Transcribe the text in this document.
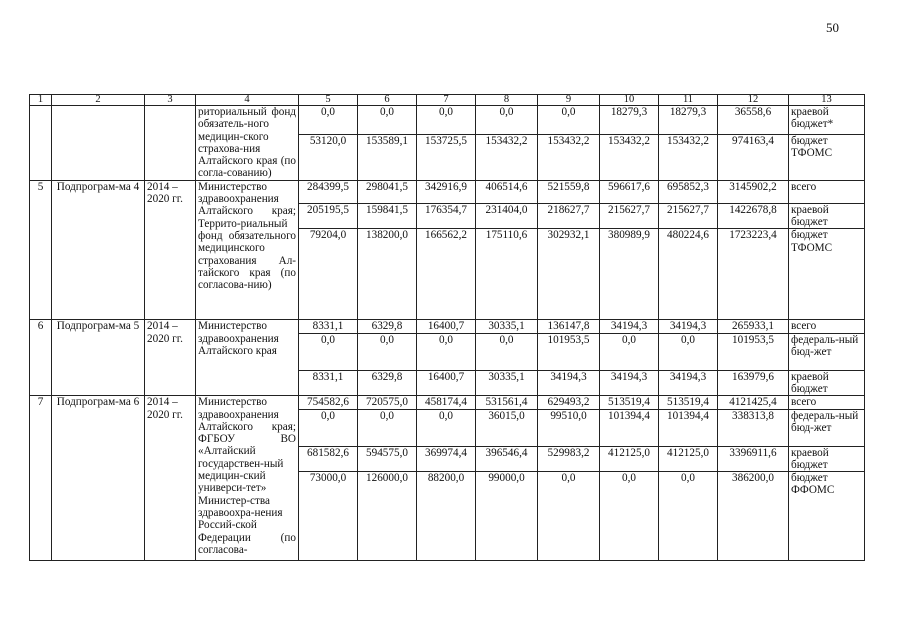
50
1	2	3	4	5	6	7	8	9	10	11	12	13
			риториальный фонд обязатель-ного медицин-ского страхова-ния Алтайского края (по согла-сованию)	0,0	0,0	0,0	0,0	0,0	18279,3	18279,3	36558,6	краевой бюджет*
				53120,0	153589,1	153725,5	153432,2	153432,2	153432,2	153432,2	974163,4	бюджет ТФОМС
5	Подпрограм-ма 4	2014 – 2020 гг.	Министерство здравоохранения Алтайского края; Террито-риальный фонд обязательного медицинского страхования Ал-тайского края (по согласова-нию)	284399,5	298041,5	342916,9	406514,6	521559,8	596617,6	695852,3	3145902,2	всего
				205195,5	159841,5	176354,7	231404,0	218627,7	215627,7	215627,7	1422678,8	краевой бюджет
				79204,0	138200,0	166562,2	175110,6	302932,1	380989,9	480224,6	1723223,4	бюджет ТФОМС
6	Подпрограм-ма 5	2014 – 2020 гг.	Министерство здравоохранения Алтайского края	8331,1	6329,8	16400,7	30335,1	136147,8	34194,3	34194,3	265933,1	всего
				0,0	0,0	0,0	0,0	101953,5	0,0	0,0	101953,5	федераль-ный бюд-жет
				8331,1	6329,8	16400,7	30335,1	34194,3	34194,3	34194,3	163979,6	краевой бюджет
7	Подпрограм-ма 6	2014 – 2020 гг.	Министерство здравоохранения Алтайского края; ФГБОУ ВО «Алтайский государствен-ный медицин-ский универси-тет» Министер-ства здравоохра-нения Россий-ской Федерации (по согласова-	754582,6	720575,0	458174,4	531561,4	629493,2	513519,4	513519,4	4121425,4	всего
				0,0	0,0	0,0	36015,0	99510,0	101394,4	101394,4	338313,8	федераль-ный бюд-жет
				681582,6	594575,0	369974,4	396546,4	529983,2	412125,0	412125,0	3396911,6	краевой бюджет
				73000,0	126000,0	88200,0	99000,0	0,0	0,0	0,0	386200,0	бюджет ФФОМС
